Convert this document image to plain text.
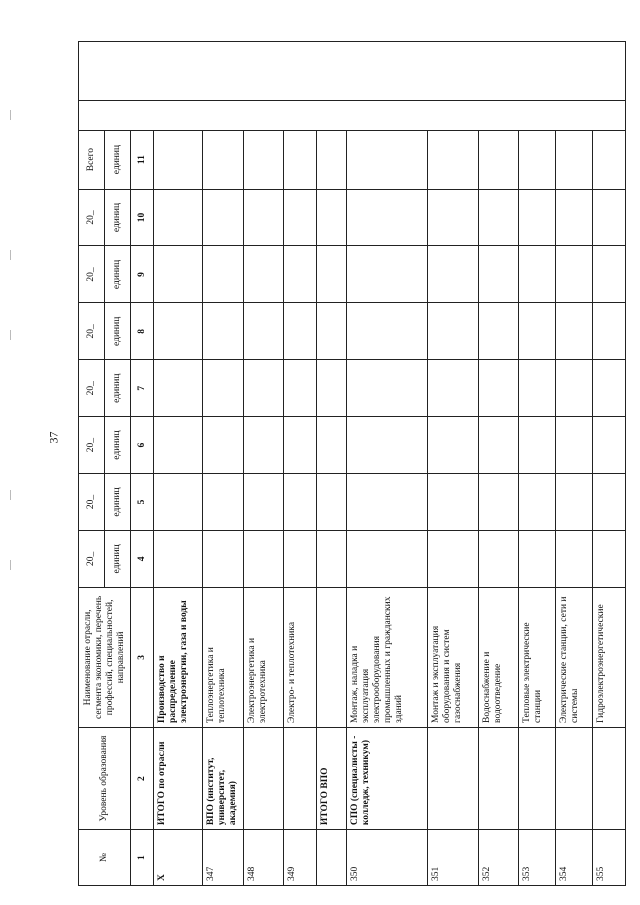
37
№	Уровень образования	Наименование отрасли, сегмента экономики, перечень профессий, специальностей, направлений	20_	20_	20_	20_	20_	20_	20_	Всего		
			единиц	единиц	единиц	единиц	единиц	единиц	единиц	единиц		
1	2	3	4	5	6	7	8	9	10	11		
X	ИТОГО по отрасли	Производство и распределение электроэнергии, газа и воды										
347	ВПО (институт, университет, академия)	Теплоэнергетика и теплотехника										
348		Электроэнергетика и электротехника										
349		Электро- и теплотехника										
	ИТОГО ВПО											
350	СПО (специалисты - колледж, техникум)	Монтаж, наладка и эксплуатация электрооборудования промышленных и гражданских зданий										
351		Монтаж и эксплуатация оборудования и систем газоснабжения										
352		Водоснабжение и водоотведение										
353		Тепловые электрические станции										
354		Электрические станции, сети и системы										
355		Гидроэлектроэнергетические										
